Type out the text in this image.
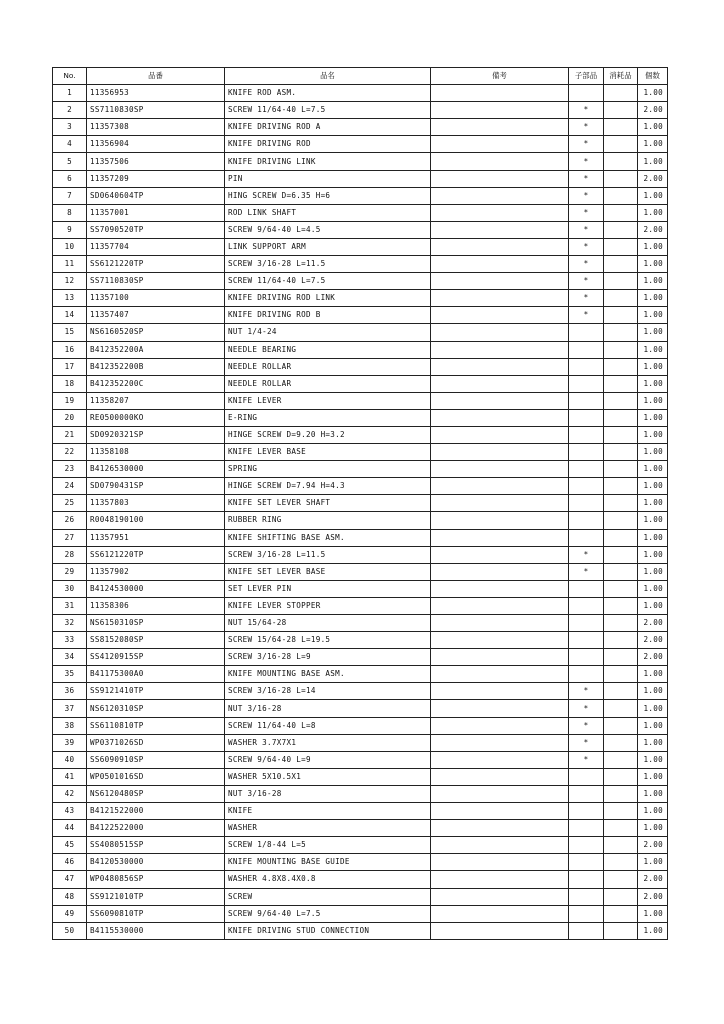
No.	品番	品名	備考	子部品	消耗品	個数
1	11356953	KNIFE ROD ASM.				1.00
2	SS7110830SP	SCREW 11/64-40 L=7.5		*		2.00
3	11357308	KNIFE DRIVING ROD A		*		1.00
4	11356904	KNIFE DRIVING ROD		*		1.00
5	11357506	KNIFE DRIVING LINK		*		1.00
6	11357209	PIN		*		2.00
7	SD0640604TP	HING SCREW D=6.35 H=6		*		1.00
8	11357001	ROD LINK SHAFT		*		1.00
9	SS7090520TP	SCREW 9/64-40 L=4.5		*		2.00
10	11357704	LINK SUPPORT ARM		*		1.00
11	SS6121220TP	SCREW 3/16-28 L=11.5		*		1.00
12	SS7110830SP	SCREW 11/64-40 L=7.5		*		1.00
13	11357100	KNIFE DRIVING ROD LINK		*		1.00
14	11357407	KNIFE DRIVING ROD B		*		1.00
15	NS6160520SP	NUT 1/4-24				1.00
16	B412352200A	NEEDLE BEARING				1.00
17	B412352200B	NEEDLE ROLLAR				1.00
18	B412352200C	NEEDLE ROLLAR				1.00
19	11358207	KNIFE LEVER				1.00
20	RE0500000KO	E-RING				1.00
21	SD0920321SP	HINGE SCREW D=9.20 H=3.2				1.00
22	11358108	KNIFE LEVER BASE				1.00
23	B4126530000	SPRING				1.00
24	SD0790431SP	HINGE SCREW D=7.94 H=4.3				1.00
25	11357803	KNIFE SET LEVER SHAFT				1.00
26	R0048190100	RUBBER RING				1.00
27	11357951	KNIFE SHIFTING BASE ASM.				1.00
28	SS6121220TP	SCREW 3/16-28 L=11.5		*		1.00
29	11357902	KNIFE SET LEVER BASE		*		1.00
30	B4124530000	SET LEVER PIN				1.00
31	11358306	KNIFE LEVER STOPPER				1.00
32	NS6150310SP	NUT 15/64-28				2.00
33	SS8152080SP	SCREW 15/64-28 L=19.5				2.00
34	SS4120915SP	SCREW 3/16-28 L=9				2.00
35	B41175300A0	KNIFE MOUNTING BASE ASM.				1.00
36	SS9121410TP	SCREW 3/16-28 L=14		*		1.00
37	NS6120310SP	NUT 3/16-28		*		1.00
38	SS6110810TP	SCREW 11/64-40 L=8		*		1.00
39	WP0371026SD	WASHER 3.7X7X1		*		1.00
40	SS6090910SP	SCREW 9/64-40 L=9		*		1.00
41	WP0501016SD	WASHER 5X10.5X1				1.00
42	NS6120480SP	NUT 3/16-28				1.00
43	B4121522000	KNIFE				1.00
44	B4122522000	WASHER				1.00
45	SS4080515SP	SCREW 1/8-44 L=5				2.00
46	B4120530000	KNIFE MOUNTING BASE GUIDE				1.00
47	WP0480856SP	WASHER 4.8X8.4X0.8				2.00
48	SS9121010TP	SCREW				2.00
49	SS6090810TP	SCREW 9/64-40 L=7.5				1.00
50	B4115530000	KNIFE DRIVING STUD CONNECTION				1.00
